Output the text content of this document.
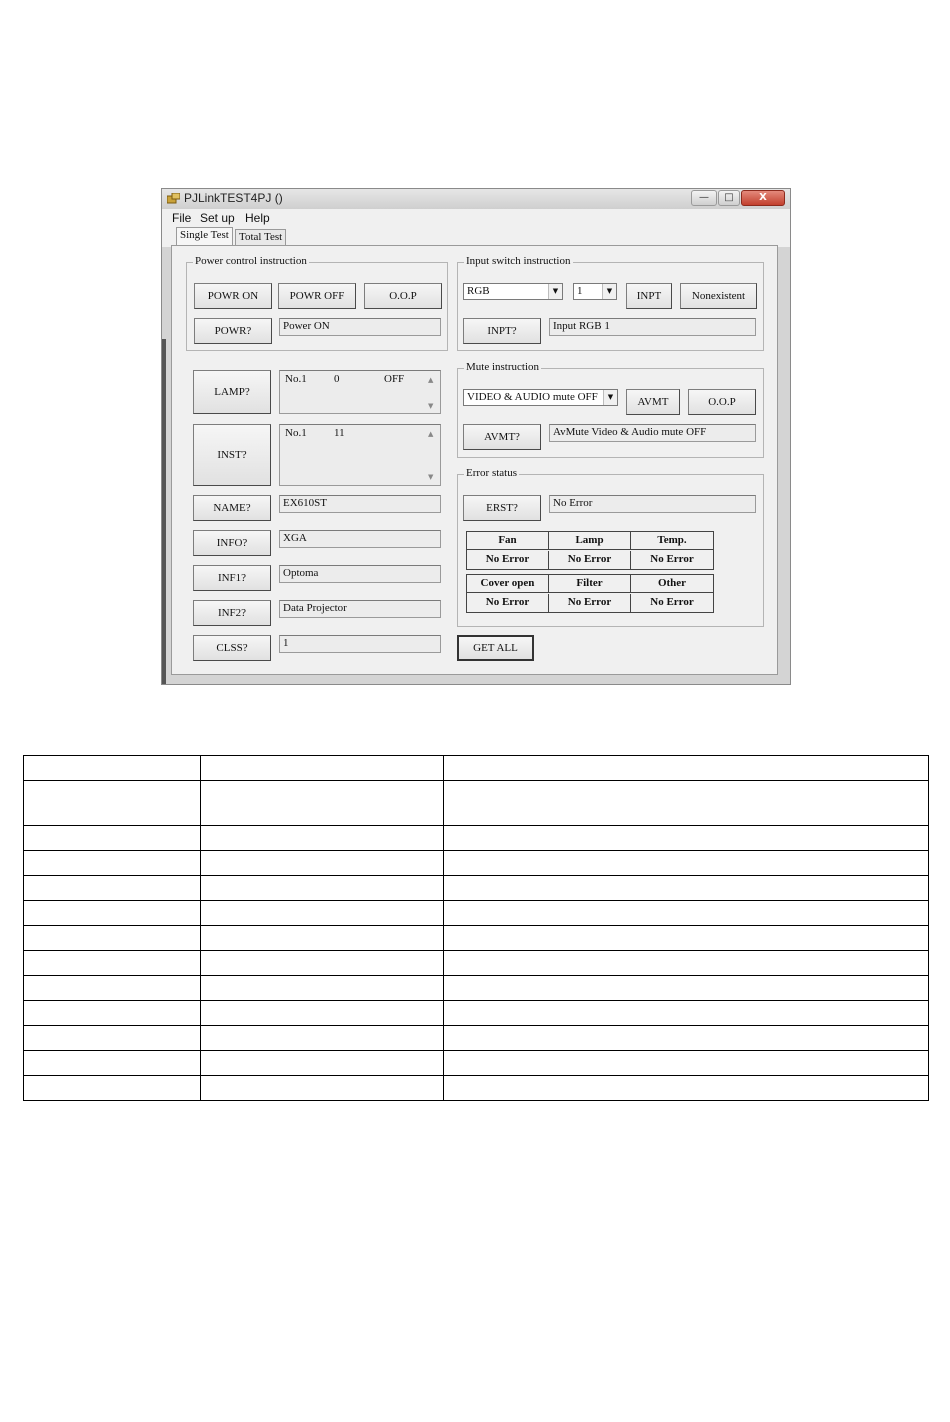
PJLinkTEST4PJ ()	—	□	X
File Set up Help
Single Test Total Test
Power control instruction
POWR ON	POWR OFF	O.O.P
POWR?	Power ON
LAMP?
No.1 0	OFF	▲
▼
INST?
No.1 11	▲
▼
NAME?	EX610ST
INFO?	XGA
INF1?	Optoma
INF2?	Data Projector
CLSS?	1
Input switch instruction
RGB	▼	1	▼	INPT	Nonexistent
INPT?	Input RGB 1
Mute instruction
VIDEO & AUDIO mute OFF	▼	AVMT	O.O.P
AVMT?	AvMute Video & Audio mute OFF
Error status
ERST?	No Error
Fan	Lamp	Temp.
No Error	No Error	No Error
Cover open	Filter	Other
No Error	No Error	No Error
GET ALL
